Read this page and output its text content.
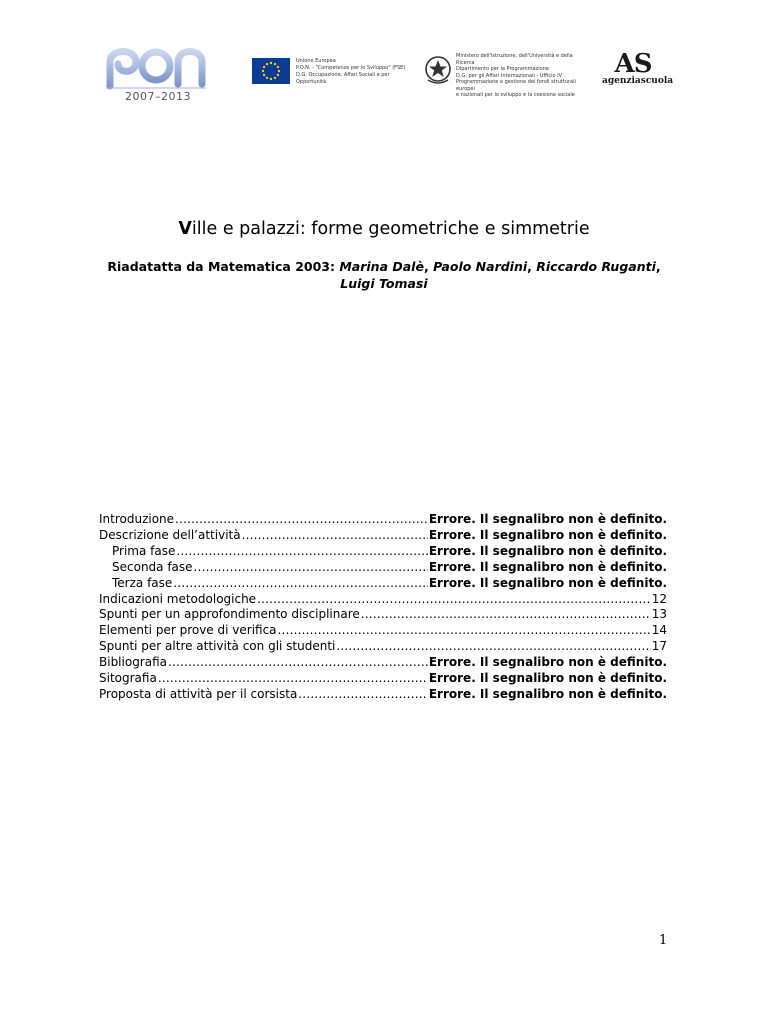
2007–2013
Unione Europea
P.O.N. - "Competenze per lo Sviluppo" (FSE)
D.G. Occupazione, Affari Sociali e per Opportunità
Ministero dell'Istruzione, dell'Università e della Ricerca
Dipartimento per la Programmazione
D.G. per gli Affari Internazionali - Ufficio IV
Programmazione e gestione dei fondi strutturali europei
e nazionali per lo sviluppo e la coesione sociale
AS
agenziascuola
Ville e palazzi: forme geometriche e simmetrie
Riadatatta da Matematica 2003: Marina Dalè, Paolo Nardini, Riccardo Ruganti, Luigi Tomasi
Introduzione .....	Errore. Il segnalibro non è definito.
Descrizione dell’attività .....	Errore. Il segnalibro non è definito.
Prima fase .....	Errore. Il segnalibro non è definito.
Seconda fase .....	Errore. Il segnalibro non è definito.
Terza fase .....	Errore. Il segnalibro non è definito.
Indicazioni metodologiche .....	12
Spunti per un approfondimento disciplinare .....	13
Elementi per prove di verifica .....	14
Spunti per altre attività con gli studenti .....	17
Bibliografia .....	Errore. Il segnalibro non è definito.
Sitografia .....	Errore. Il segnalibro non è definito.
Proposta di attività per il corsista .....	Errore. Il segnalibro non è definito.
1
